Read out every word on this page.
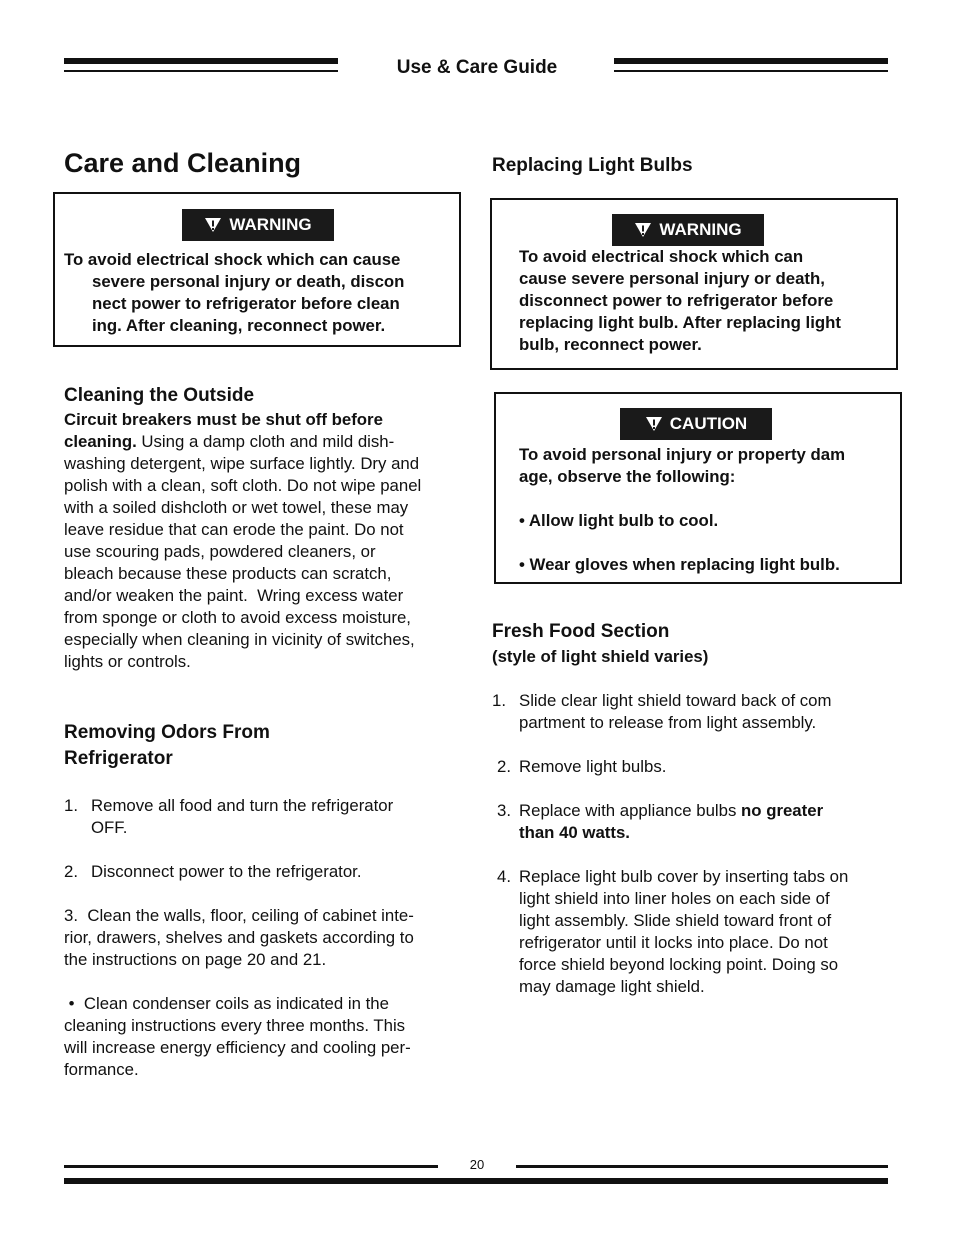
Use & Care Guide
Care and Cleaning
WARNING
To avoid electrical shock which can cause
severe personal injury or death, discon
nect power to refrigerator before clean
ing. After cleaning, reconnect power.
Cleaning the Outside
Circuit breakers must be shut off before
cleaning. Using a damp cloth and mild dish-
washing detergent, wipe surface lightly. Dry and
polish with a clean, soft cloth. Do not wipe panel
with a soiled dishcloth or wet towel, these may
leave residue that can erode the paint. Do not
use scouring pads, powdered cleaners, or
bleach because these products can scratch,
and/or weaken the paint.  Wring excess water
from sponge or cloth to avoid excess moisture,
especially when cleaning in vicinity of switches,
lights or controls.
Removing Odors From
Refrigerator
1. Remove all food and turn the refrigerator OFF.
2. Disconnect power to the refrigerator.
3.  Clean the walls, floor, ceiling of cabinet inte-
rior, drawers, shelves and gaskets according to
the instructions on page 20 and 21.
•  Clean condenser coils as indicated in the
cleaning instructions every three months. This
will increase energy efficiency and cooling per-
formance.
Replacing Light Bulbs
WARNING
To avoid electrical shock which can
cause severe personal injury or death,
disconnect power to refrigerator before
replacing light bulb. After replacing light
bulb, reconnect power.
CAUTION
To avoid personal injury or property dam
age, observe the following:
• Allow light bulb to cool.
• Wear gloves when replacing light bulb.
Fresh Food Section
(style of light shield varies)
1. Slide clear light shield toward back of com
partment to release from light assembly.
2. Remove light bulbs.
3. Replace with appliance bulbs no greater
than 40 watts.
4. Replace light bulb cover by inserting tabs on
light shield into liner holes on each side of
light assembly. Slide shield toward front of
refrigerator until it locks into place. Do not
force shield beyond locking point. Doing so
may damage light shield.
20
